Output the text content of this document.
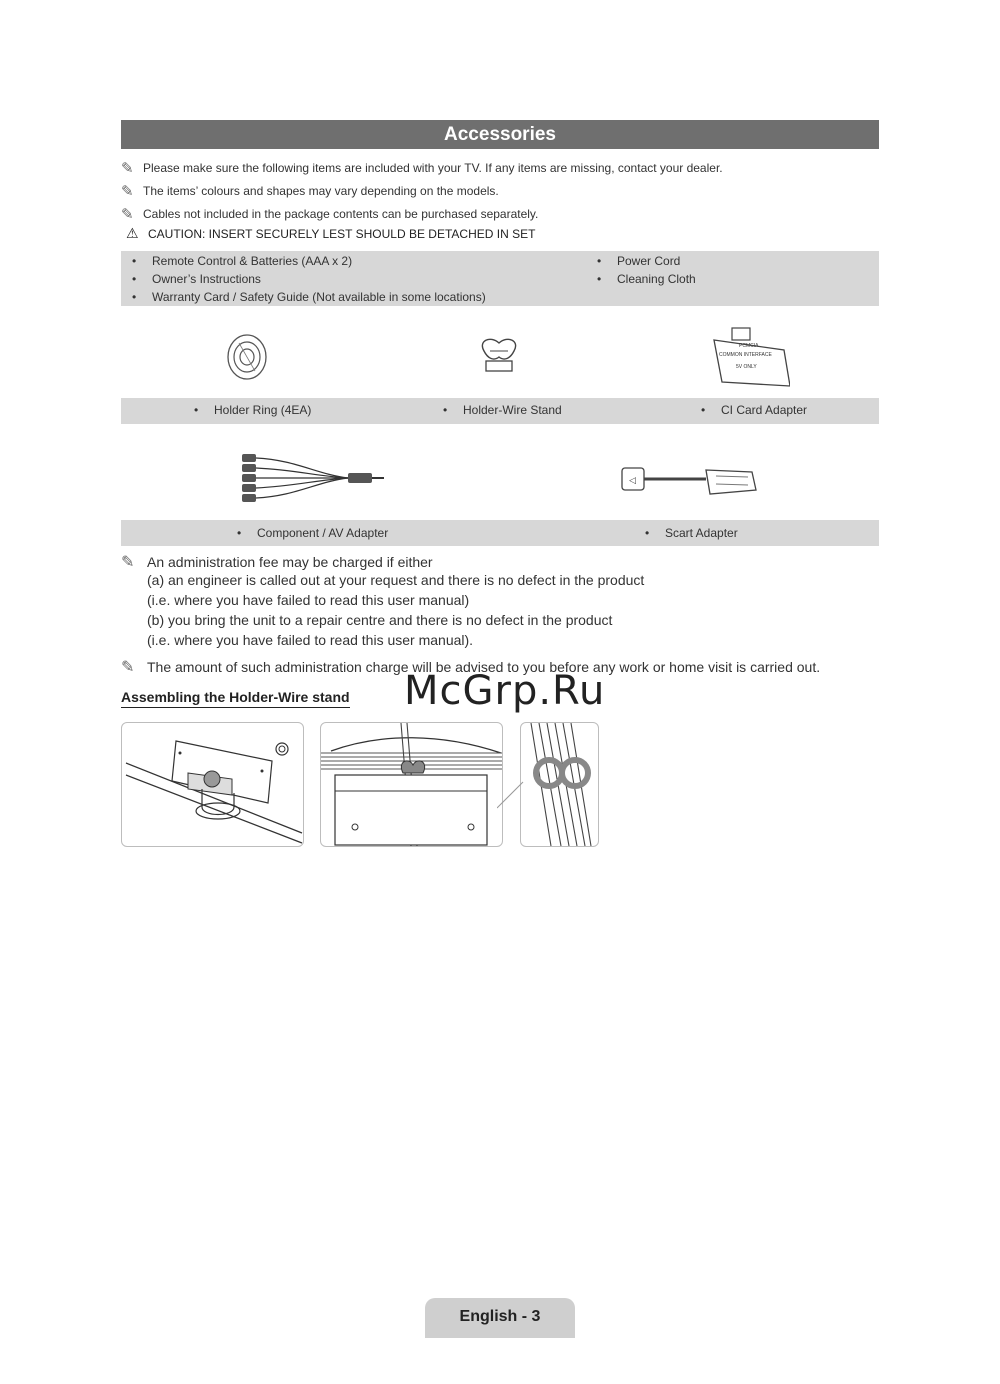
Accessories
✎ Please make sure the following items are included with your TV. If any items are missing, contact your dealer.
✎ The items’ colours and shapes may vary depending on the models.
✎ Cables not included in the package contents can be purchased separately.
⚠ CAUTION: INSERT SECURELY LEST SHOULD BE DETACHED IN SET
•	Remote Control & Batteries (AAA x 2)
•	Owner’s Instructions
•	Warranty Card / Safety Guide (Not available in some locations)
•	Power Cord
•	Cleaning Cloth
PCMCIA
COMMON INTERFACE
5V ONLY
•	Holder Ring (4EA)	•	Holder-Wire Stand	•	CI Card Adapter
◁
•	Component / AV Adapter	•	Scart Adapter
✎ An administration fee may be charged if either
(a) an engineer is called out at your request and there is no defect in the product
(i.e. where you have failed to read this user manual)
(b) you bring the unit to a repair centre and there is no defect in the product
(i.e. where you have failed to read this user manual).
✎ The amount of such administration charge will be advised to you before any work or home visit is carried out.
McGrp.Ru
Assembling the Holder-Wire stand
English - 3
